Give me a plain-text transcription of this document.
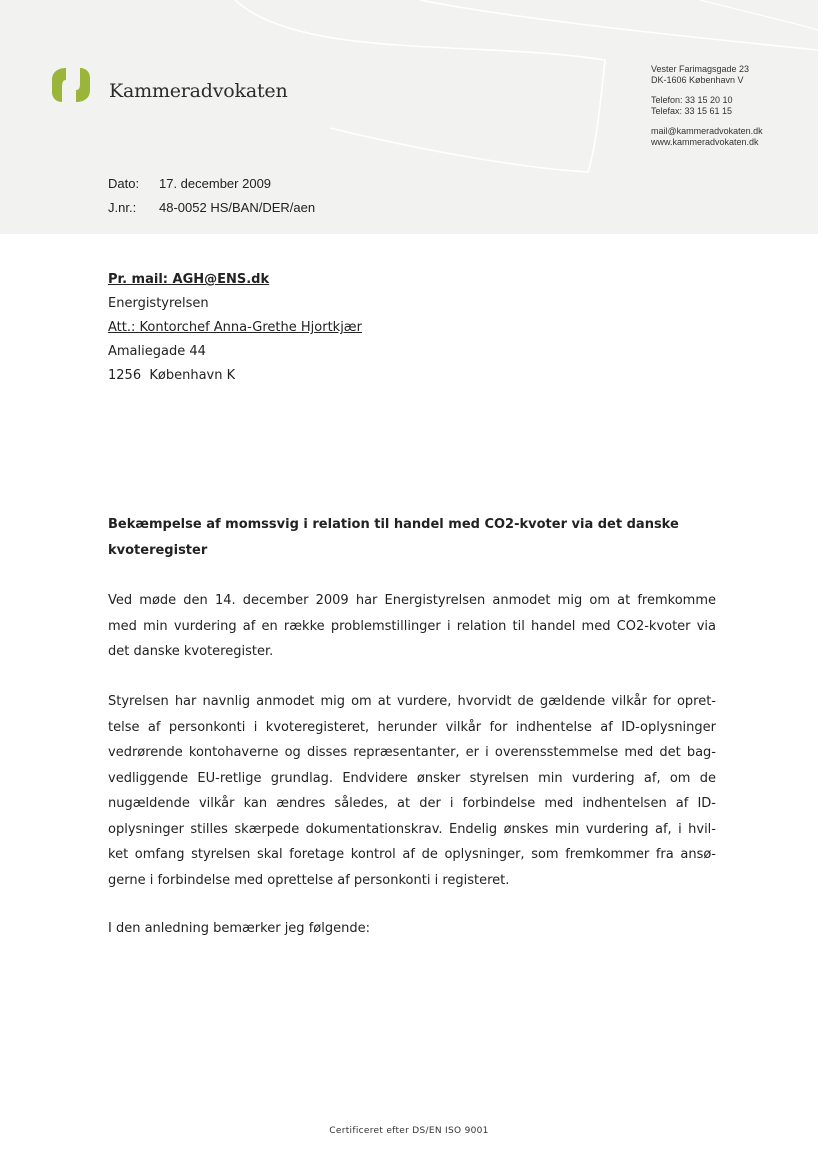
Kammeradvokaten
Vester Farimagsgade 23
DK-1606 København V
Telefon: 33 15 20 10
Telefax: 33 15 61 15
mail@kammeradvokaten.dk
www.kammeradvokaten.dk
Dato:	17. december 2009
J.nr.:	48-0052 HS/BAN/DER/aen
Pr. mail: AGH@ENS.dk
Energistyrelsen
Att.: Kontorchef Anna-Grethe Hjortkjær
Amaliegade 44
1256 København K
Bekæmpelse af momssvig i relation til handel med CO2-kvoter via det danske
kvoteregister
Ved møde den 14. december 2009 har Energistyrelsen anmodet mig om at fremkomme
med min vurdering af en række problemstillinger i relation til handel med CO2-kvoter via
det danske kvoteregister.
Styrelsen har navnlig anmodet mig om at vurdere, hvorvidt de gældende vilkår for opret-
telse af personkonti i kvoteregisteret, herunder vilkår for indhentelse af ID-oplysninger
vedrørende kontohaverne og disses repræsentanter, er i overensstemmelse med det bag-
vedliggende EU-retlige grundlag. Endvidere ønsker styrelsen min vurdering af, om de
nugældende vilkår kan ændres således, at der i forbindelse med indhentelsen af ID-
oplysninger stilles skærpede dokumentationskrav. Endelig ønskes min vurdering af, i hvil-
ket omfang styrelsen skal foretage kontrol af de oplysninger, som fremkommer fra ansø-
gerne i forbindelse med oprettelse af personkonti i registeret.
I den anledning bemærker jeg følgende:
Certificeret efter DS/EN ISO 9001
